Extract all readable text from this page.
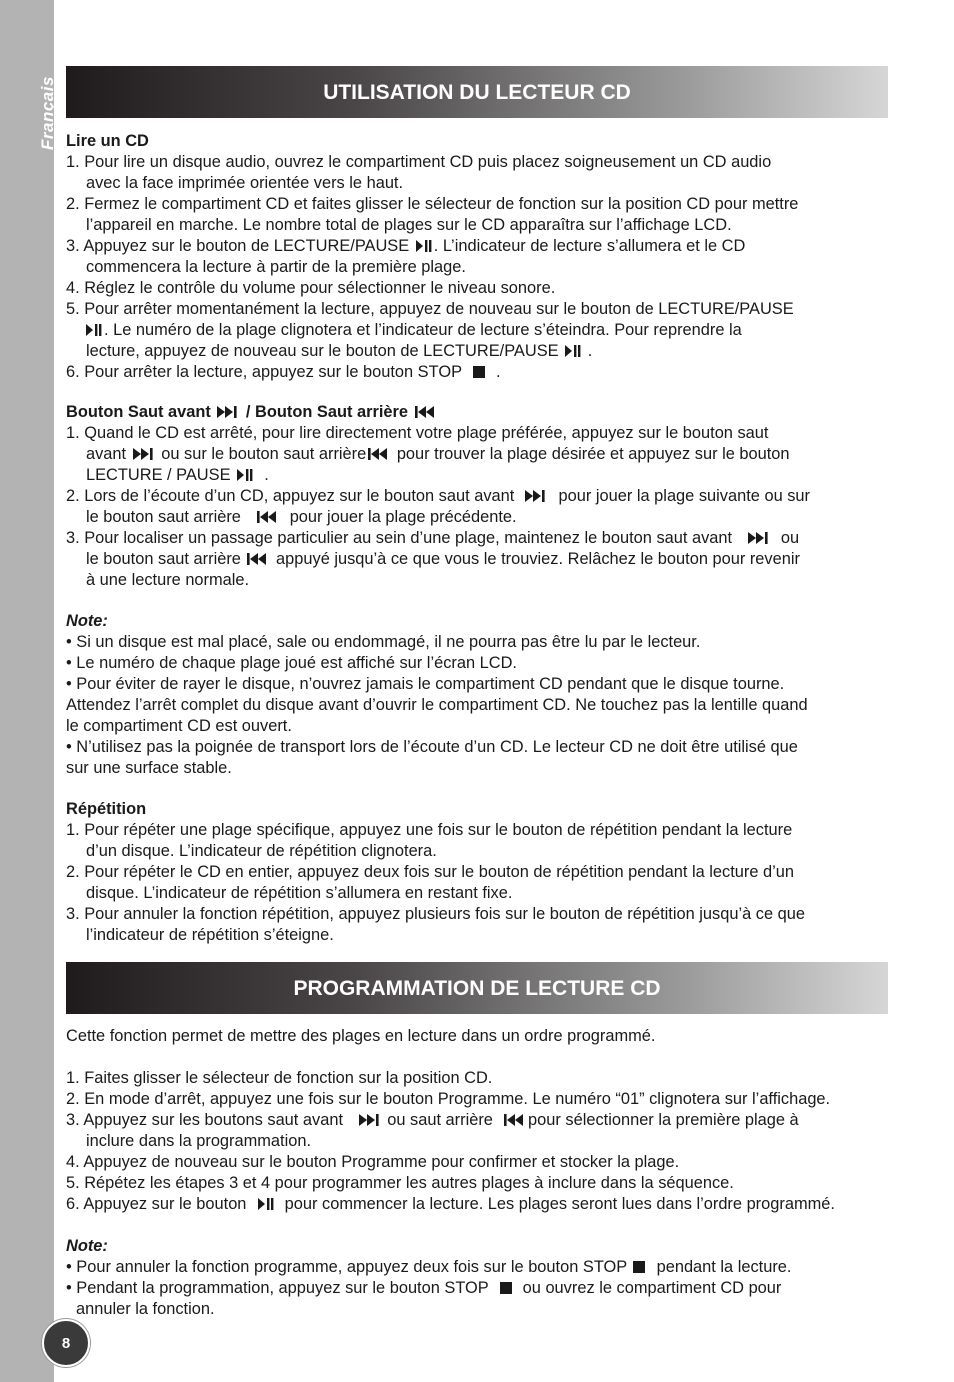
Français	UTILISATION DU LECTEUR CD
Lire un CD
1. Pour lire un disque audio, ouvrez le compartiment CD puis placez soigneusement un CD audio
avec la face imprimée orientée vers le haut.
2. Fermez le compartiment CD et faites glisser le sélecteur de fonction sur la position CD pour mettre
l’appareil en marche. Le nombre total de plages sur le CD apparaîtra sur l’affichage LCD.
3. Appuyez sur le bouton de LECTURE/PAUSE . L’indicateur de lecture s’allumera et le CD
commencera la lecture à partir de la première plage.
4. Réglez le contrôle du volume pour sélectionner le niveau sonore.
5. Pour arrêter momentanément la lecture, appuyez de nouveau sur le bouton de LECTURE/PAUSE
. Le numéro de la plage clignotera et l’indicateur de lecture s’éteindra. Pour reprendre la
lecture, appuyez de nouveau sur le bouton de LECTURE/PAUSE .
6. Pour arrêter la lecture, appuyez sur le bouton STOP .
Bouton Saut avant / Bouton Saut arrière
1. Quand le CD est arrêté, pour lire directement votre plage préférée, appuyez sur le bouton saut
avant ou sur le bouton saut arrière pour trouver la plage désirée et appuyez sur le bouton
LECTURE / PAUSE .
2. Lors de l’écoute d’un CD, appuyez sur le bouton saut avant	pour jouer la plage suivante ou sur
le bouton saut arrière	pour jouer la plage précédente.
3. Pour localiser un passage particulier au sein d’une plage, maintenez le bouton saut avant	ou
le bouton saut arrière appuyé jusqu’à ce que vous le trouviez. Relâchez le bouton pour revenir
à une lecture normale.
Note:
• Si un disque est mal placé, sale ou endommagé, il ne pourra pas être lu par le lecteur.
• Le numéro de chaque plage joué est affiché sur l’écran LCD.
• Pour éviter de rayer le disque, n’ouvrez jamais le compartiment CD pendant que le disque tourne.
Attendez l’arrêt complet du disque avant d’ouvrir le compartiment CD. Ne touchez pas la lentille quand
le compartiment CD est ouvert.
• N’utilisez pas la poignée de transport lors de l’écoute d’un CD. Le lecteur CD ne doit être utilisé que
sur une surface stable.
Répétition
1. Pour répéter une plage spécifique, appuyez une fois sur le bouton de répétition pendant la lecture
d’un disque. L’indicateur de répétition clignotera.
2. Pour répéter le CD en entier, appuyez deux fois sur le bouton de répétition pendant la lecture d’un
disque. L’indicateur de répétition s’allumera en restant fixe.
3. Pour annuler la fonction répétition, appuyez plusieurs fois sur le bouton de répétition jusqu’à ce que
l’indicateur de répétition s’éteigne.
PROGRAMMATION DE LECTURE CD
Cette fonction permet de mettre des plages en lecture dans un ordre programmé.
1. Faites glisser le sélecteur de fonction sur la position CD.
2. En mode d’arrêt, appuyez une fois sur le bouton Programme. Le numéro “01” clignotera sur l’affichage.
3. Appuyez sur les boutons saut avant	ou saut arrière pour sélectionner la première plage à
inclure dans la programmation.
4. Appuyez de nouveau sur le bouton Programme pour confirmer et stocker la plage.
5. Répétez les étapes 3 et 4 pour programmer les autres plages à inclure dans la séquence.
6. Appuyez sur le bouton pour commencer la lecture. Les plages seront lues dans l’ordre programmé.
Note:
• Pour annuler la fonction programme, appuyez deux fois sur le bouton STOP pendant la lecture.
• Pendant la programmation, appuyez sur le bouton STOP ou ouvrez le compartiment CD pour
annuler la fonction.
8
